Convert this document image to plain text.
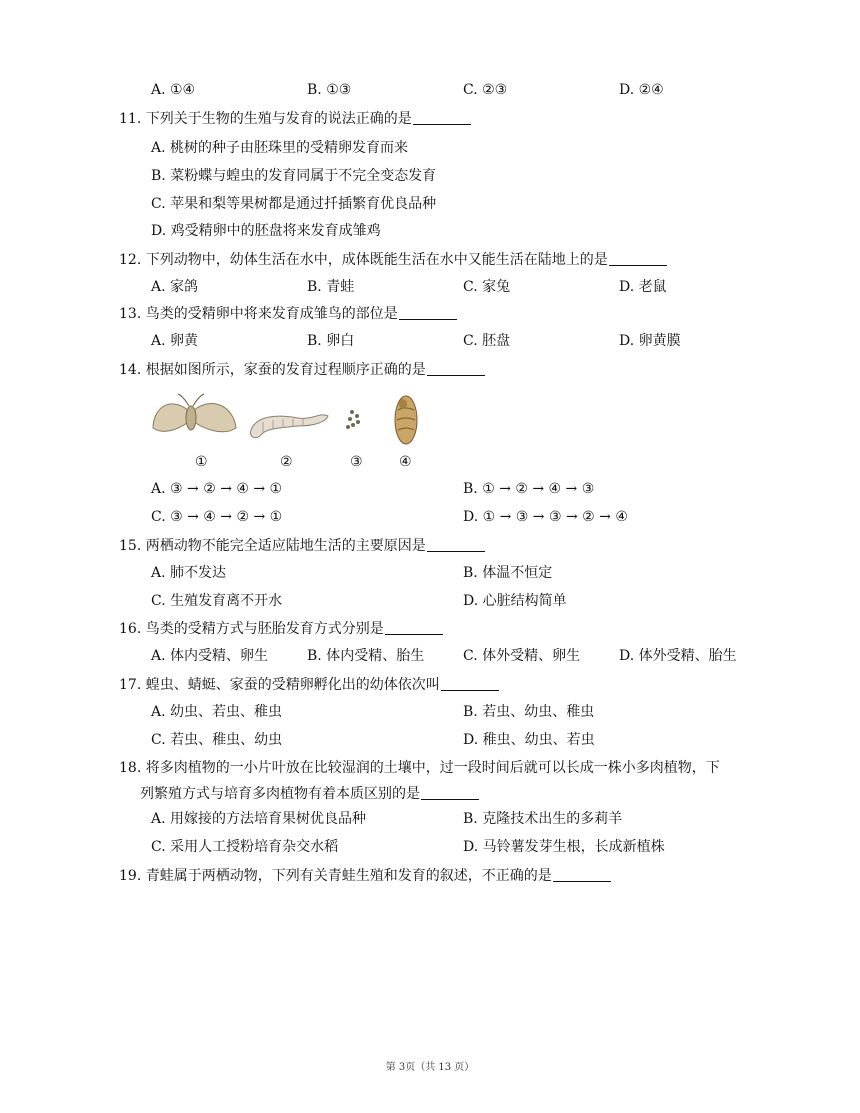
A. ①④	B. ①③	C. ②③	D. ②④
11. 下列关于生物的生殖与发育的说法正确的是
A. 桃树的种子由胚珠里的受精卵发育而来
B. 菜粉蝶与蝗虫的发育同属于不完全变态发育
C. 苹果和梨等果树都是通过扦插繁育优良品种
D. 鸡受精卵中的胚盘将来发育成雏鸡
12. 下列动物中，幼体生活在水中，成体既能生活在水中又能生活在陆地上的是
A. 家鸽	B. 青蛙	C. 家兔	D. 老鼠
13. 鸟类的受精卵中将来发育成雏鸟的部位是
A. 卵黄	B. 卵白	C. 胚盘	D. 卵黄膜
14. 根据如图所示，家蚕的发育过程顺序正确的是
①	②	③	④
A. ③ → ② → ④ → ①	B. ① → ② → ④ → ③
C. ③ → ④ → ② → ①	D. ① → ③ → ③ → ② → ④
15. 两栖动物不能完全适应陆地生活的主要原因是
A. 肺不发达	B. 体温不恒定
C. 生殖发育离不开水	D. 心脏结构简单
16. 鸟类的受精方式与胚胎发育方式分别是
A. 体内受精、卵生	B. 体内受精、胎生	C. 体外受精、卵生	D. 体外受精、胎生
17. 蝗虫、蜻蜓、家蚕的受精卵孵化出的幼体依次叫
A. 幼虫、若虫、稚虫	B. 若虫、幼虫、稚虫
C. 若虫、稚虫、幼虫	D. 稚虫、幼虫、若虫
18. 将多肉植物的一小片叶放在比较湿润的土壤中，过一段时间后就可以长成一株小多肉植物，下
列繁殖方式与培育多肉植物有着本质区别的是
A. 用嫁接的方法培育果树优良品种	B. 克隆技术出生的多莉羊
C. 采用人工授粉培育杂交水稻	D. 马铃薯发芽生根，长成新植株
19. 青蛙属于两栖动物，下列有关青蛙生殖和发育的叙述，不正确的是
第 3页（共 13 页）
